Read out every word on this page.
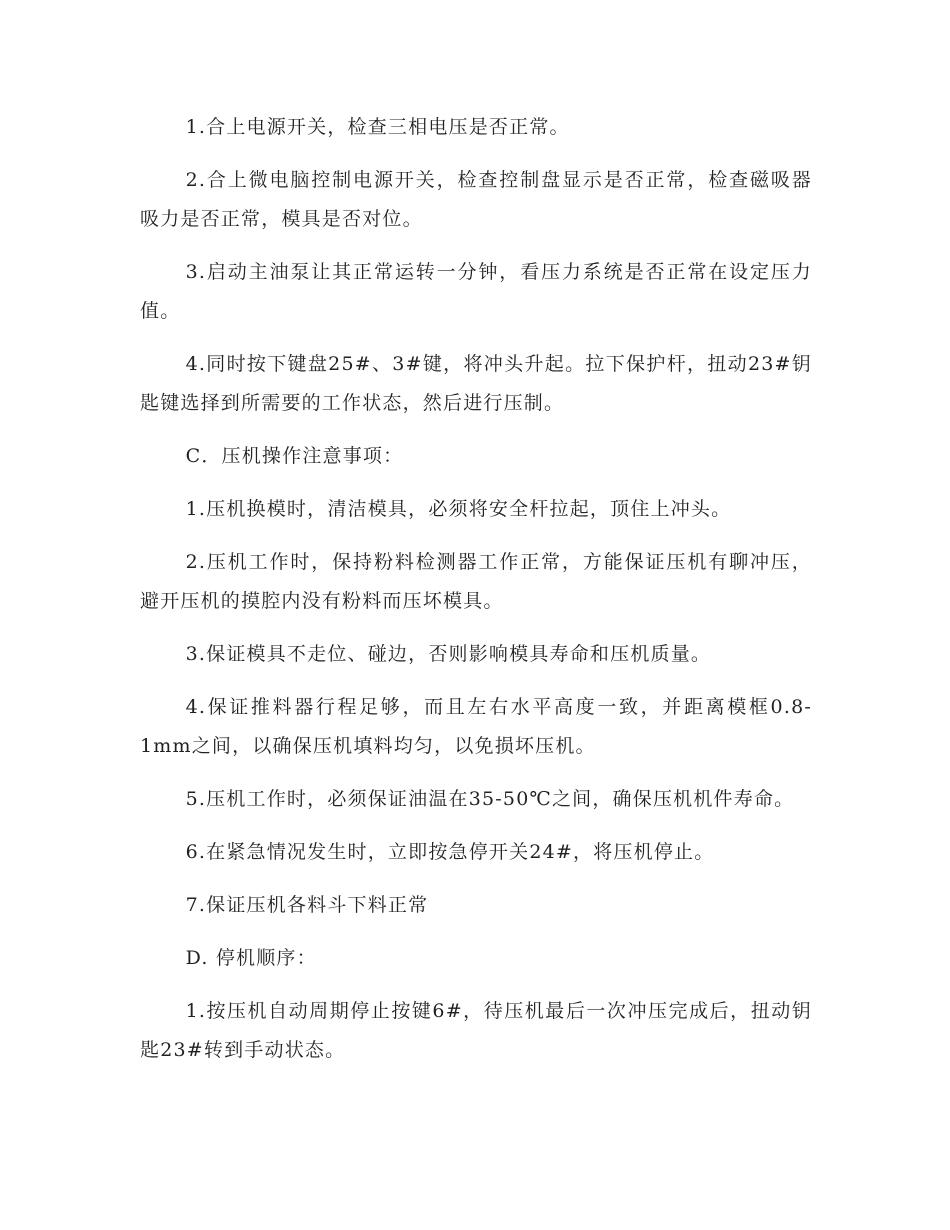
1.合上电源开关，检查三相电压是否正常。

2.合上微电脑控制电源开关，检查控制盘显示是否正常，检查磁吸器吸力是否正常，模具是否对位。

3.启动主油泵让其正常运转一分钟，看压力系统是否正常在设定压力值。

4.同时按下键盘25#、3#键，将冲头升起。拉下保护杆，扭动23#钥匙键选择到所需要的工作状态，然后进行压制。

C．压机操作注意事项：

1.压机换模时，清洁模具，必须将安全杆拉起，顶住上冲头。

2.压机工作时，保持粉料检测器工作正常，方能保证压机有聊冲压，避开压机的摸腔内没有粉料而压坏模具。

3.保证模具不走位、碰边，否则影响模具寿命和压机质量。

4.保证推料器行程足够，而且左右水平高度一致，并距离模框0.8-1mm之间，以确保压机填料均匀，以免损坏压机。

5.压机工作时，必须保证油温在35-50℃之间，确保压机机件寿命。

6.在紧急情况发生时，立即按急停开关24#，将压机停止。

7.保证压机各料斗下料正常

D. 停机顺序：

1.按压机自动周期停止按键6#，待压机最后一次冲压完成后，扭动钥匙23#转到手动状态。
